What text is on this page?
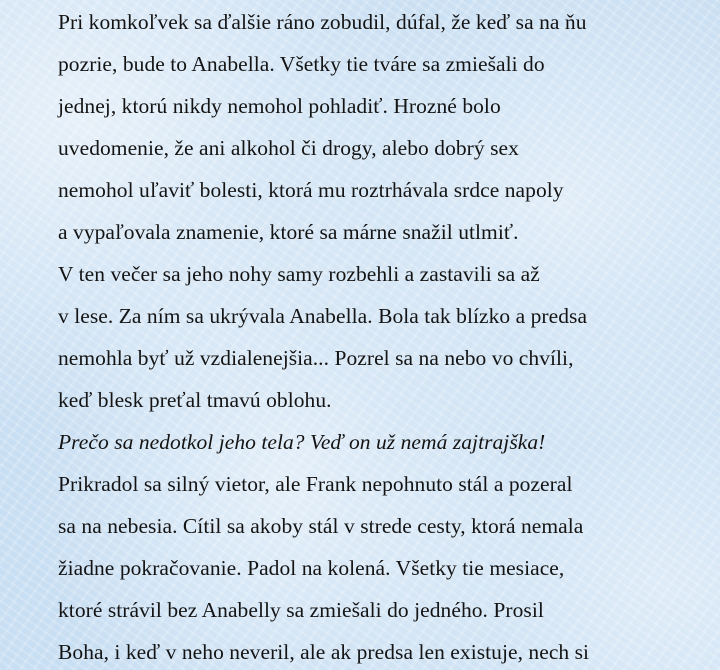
Pri komkoľvek sa ďalšie ráno zobudil, dúfal, že keď sa na ňu
pozrie, bude to Anabella. Všetky tie tváre sa zmiešali do
jednej, ktorú nikdy nemohol pohladiť. Hrozné bolo
uvedomenie, že ani alkohol či drogy, alebo dobrý sex
nemohol uľaviť bolesti, ktorá mu roztrhávala srdce napoly
a vypaľovala znamenie, ktoré sa márne snažil utlmiť.
V ten večer sa jeho nohy samy rozbehli a zastavili sa až
v lese. Za ním sa ukrývala Anabella. Bola tak blízko a predsa
nemohla byť už vzdialenejšia... Pozrel sa na nebo vo chvíli,
keď blesk preťal tmavú oblohu.
Prečo sa nedotkol jeho tela? Veď on už nemá zajtrajška!
Prikradol sa silný vietor, ale Frank nepohnuto stál a pozeral
sa na nebesia. Cítil sa akoby stál v strede cesty, ktorá nemala
žiadne pokračovanie. Padol na kolená. Všetky tie mesiace,
ktoré strávil bez Anabelly sa zmiešali do jedného. Prosil
Boha, i keď v neho neveril, ale ak predsa len existuje, nech si
